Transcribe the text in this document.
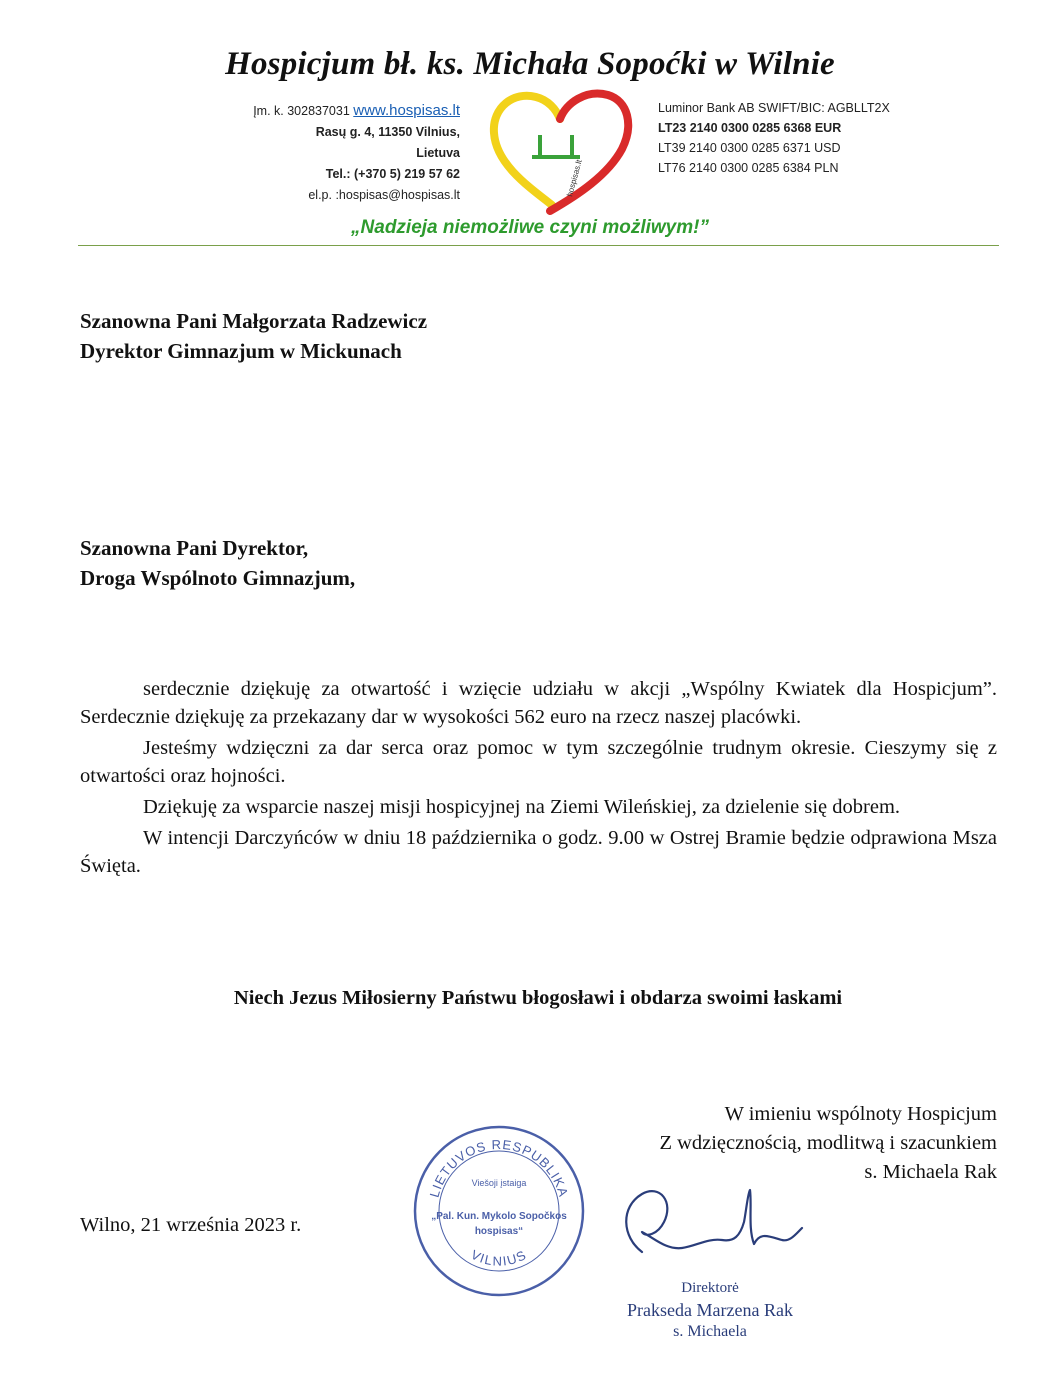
Hospicjum bł. ks. Michała Sopoćki w Wilnie
Įm. k. 302837031 www.hospisas.lt
Rasų g. 4, 11350 Vilnius,
Lietuva
Tel.: (+370 5) 219 57 62
el.p. :hospisas@hospisas.lt	hospisas.lt
Luminor Bank AB SWIFT/BIC: AGBLLT2X
LT23 2140 0300 0285 6368 EUR
LT39 2140 0300 0285 6371 USD
LT76 2140 0300 0285 6384 PLN
„Nadzieja niemożliwe czyni możliwym!”
Szanowna Pani Małgorzata Radzewicz
Dyrektor Gimnazjum w Mickunach
Szanowna Pani Dyrektor,
Droga Wspólnoto Gimnazjum,

serdecznie dziękuję za otwartość i wzięcie udziału w akcji „Wspólny Kwiatek dla Hospicjum”. Serdecznie dziękuję za przekazany dar w wysokości 562 euro na rzecz naszej placówki.

Jesteśmy wdzięczni za dar serca oraz pomoc w tym szczególnie trudnym okresie. Cieszymy się z otwartości oraz hojności.

Dziękuję za wsparcie naszej misji hospicyjnej na Ziemi Wileńskiej, za dzielenie się dobrem.

W intencji Darczyńców w dniu 18 października o godz. 9.00 w Ostrej Bramie będzie odprawiona Msza Święta.

Niech Jezus Miłosierny Państwu błogosławi i obdarza swoimi łaskami
W imieniu wspólnoty Hospicjum
Z wdzięcznością, modlitwą i szacunkiem
s. Michaela Rak
Wilno, 21 września 2023 r.
LIETUVOS RESPUBLIKA
VILNIUS
Viešoji įstaiga
„Pal. Kun. Mykolo Sopočkos
hospisas“
Direktorė
Prakseda Marzena Rak
s. Michaela
